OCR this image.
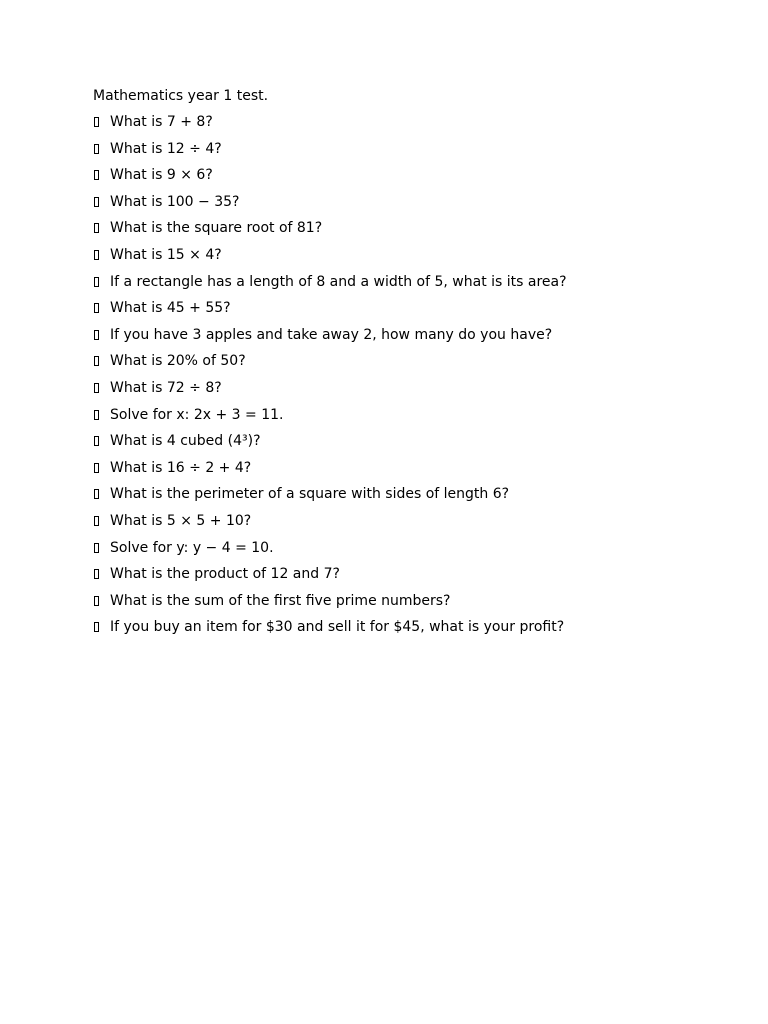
Mathematics year 1 test.
What is 7 + 8?
What is 12 ÷ 4?
What is 9 × 6?
What is 100 − 35?
What is the square root of 81?
What is 15 × 4?
If a rectangle has a length of 8 and a width of 5, what is its area?
What is 45 + 55?
If you have 3 apples and take away 2, how many do you have?
What is 20% of 50?
What is 72 ÷ 8?
Solve for x: 2x + 3 = 11.
What is 4 cubed (4³)?
What is 16 ÷ 2 + 4?
What is the perimeter of a square with sides of length 6?
What is 5 × 5 + 10?
Solve for y: y − 4 = 10.
What is the product of 12 and 7?
What is the sum of the first five prime numbers?
If you buy an item for $30 and sell it for $45, what is your profit?
